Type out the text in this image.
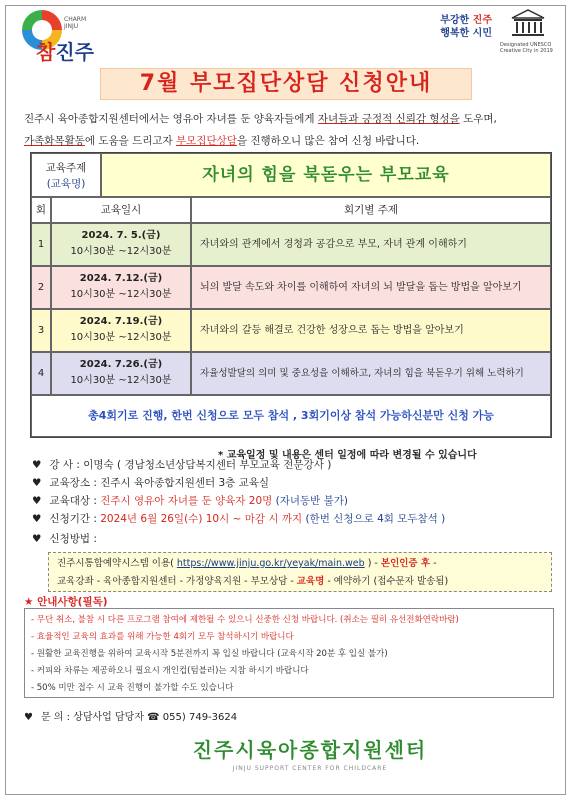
CHARM JINJU
참진주
부강한 진주
행복한 시민
Designated UNESCO Creative City in 2019
7월 부모집단상담 신청안내
진주시 육아종합지원센터에서는 영유아 자녀를 둔 양육자들에게 자녀들과 긍정적 신뢰감 형성을 도우며,
가족화목활동에 도움을 드리고자 부모집단상담을 진행하오니 많은 참여 신청 바랍니다.
교육주제
(교육명)	자녀의 힘을 북돋우는 부모교육
회	교육일시	회기별 주제
1
2024. 7. 5.(금)
10시30분 ~12시30분
자녀와의 관계에서 경청과 공감으로 부모, 자녀 관계 이해하기
2
2024. 7.12.(금)
10시30분 ~12시30분
뇌의 발달 속도와 차이를 이해하여 자녀의 뇌 발달을 돕는 방법을 알아보기
3
2024. 7.19.(금)
10시30분 ~12시30분
자녀와의 갈등 해결로 건강한 성장으로 돕는 방법을 알아보기
4
2024. 7.26.(금)
10시30분 ~12시30분
자율성발달의 의미 및 중요성을 이해하고, 자녀의 힘을 북돋우기 위해 노력하기
총4회기로 진행, 한번 신청으로 모두 참석 , 3회기이상 참석 가능하신분만 신청 가능
* 교육일정 및 내용은 센터 일정에 따라 변경될 수 있습니다
♥ 강 사 : 이명숙 ( 경남청소년상담복지센터 부모교육 전문강사 )
♥ 교육장소 : 진주시 육아종합지원센터 3층 교육실
♥ 교육대상 : 진주시 영유아 자녀를 둔 양육자 20명 (자녀동반 불가)
♥ 신청기간 : 2024년 6월 26일(수) 10시 ~ 마감 시 까지 (한번 신청으로 4회 모두참석 )
♥ 신청방법 :
진주시통합예약시스템 이용( https://www.jinju.go.kr/yeyak/main.web ) - 본인인증 후 -
교육강좌 - 육아종합지원센터 - 가정양육지원 - 부모상담 - 교육명 - 예약하기 (접수문자 발송됨)
★ 안내사항(필독)
- 무단 취소, 불참 시 다른 프로그램 참여에 제한될 수 있으니 신중한 신청 바랍니다. (취소는 필히 유선전화연락바람)
- 효율적인 교육의 효과를 위해 가능한 4회기 모두 참석하시기 바랍니다
- 원활한 교육진행을 위하여 교육시작 5분전까지 꼭 입실 바랍니다 (교육시작 20분 후 입실 불가)
- 커피와 차류는 제공하오니 필요시 개인컵(텀블러)는 지참 하시기 바랍니다
- 50% 미만 접수 시 교육 진행이 불가할 수도 있습니다
♥ 문 의 : 상담사업 담당자 ☎ 055) 749-3624
진주시육아종합지원센터
JINJU SUPPORT CENTER FOR CHILDCARE
